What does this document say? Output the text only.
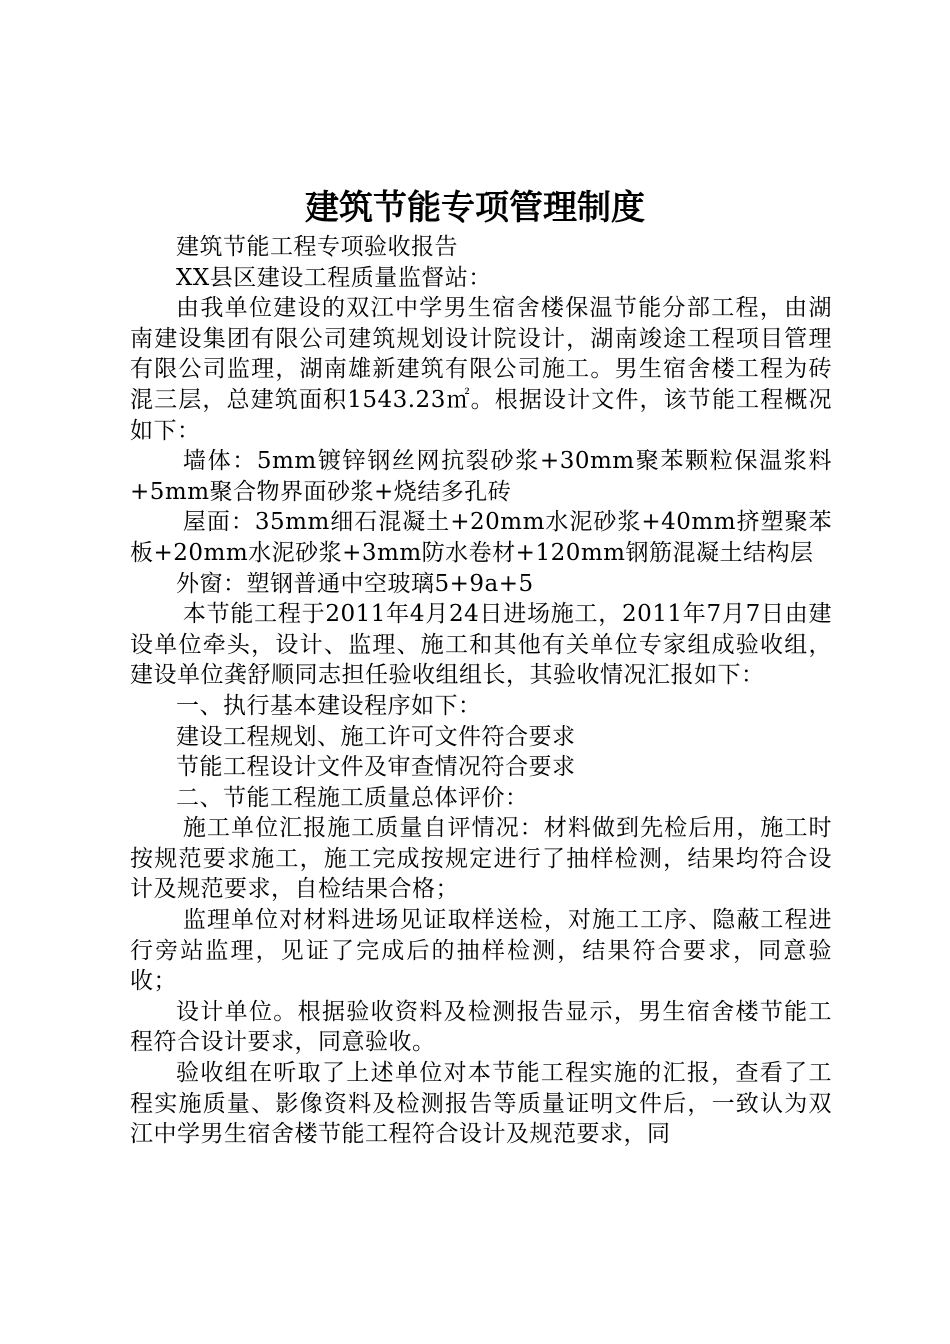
建筑节能专项管理制度

建筑节能工程专项验收报告

XX县区建设工程质量监督站：

由我单位建设的双江中学男生宿舍楼保温节能分部工程，由湖南建设集团有限公司建筑规划设计院设计，湖南竣途工程项目管理有限公司监理，湖南雄新建筑有限公司施工。男生宿舍楼工程为砖混三层，总建筑面积1543.23㎡。根据设计文件，该节能工程概况如下：

墙体：5mm镀锌钢丝网抗裂砂浆+30mm聚苯颗粒保温浆料+5mm聚合物界面砂浆+烧结多孔砖

屋面：35mm细石混凝土+20mm水泥砂浆+40mm挤塑聚苯板+20mm水泥砂浆+3mm防水卷材+120mm钢筋混凝土结构层

外窗：塑钢普通中空玻璃5+9a+5

本节能工程于2011年4月24日进场施工，2011年7月7日由建设单位牵头，设计、监理、施工和其他有关单位专家组成验收组，建设单位龚舒顺同志担任验收组组长，其验收情况汇报如下：

一、执行基本建设程序如下：

建设工程规划、施工许可文件符合要求

节能工程设计文件及审查情况符合要求

二、节能工程施工质量总体评价：

施工单位汇报施工质量自评情况：材料做到先检后用，施工时按规范要求施工，施工完成按规定进行了抽样检测，结果均符合设计及规范要求，自检结果合格；

监理单位对材料进场见证取样送检，对施工工序、隐蔽工程进行旁站监理，见证了完成后的抽样检测，结果符合要求，同意验收；

设计单位。根据验收资料及检测报告显示，男生宿舍楼节能工程符合设计要求，同意验收。

验收组在听取了上述单位对本节能工程实施的汇报，查看了工程实施质量、影像资料及检测报告等质量证明文件后，一致认为双江中学男生宿舍楼节能工程符合设计及规范要求，同
